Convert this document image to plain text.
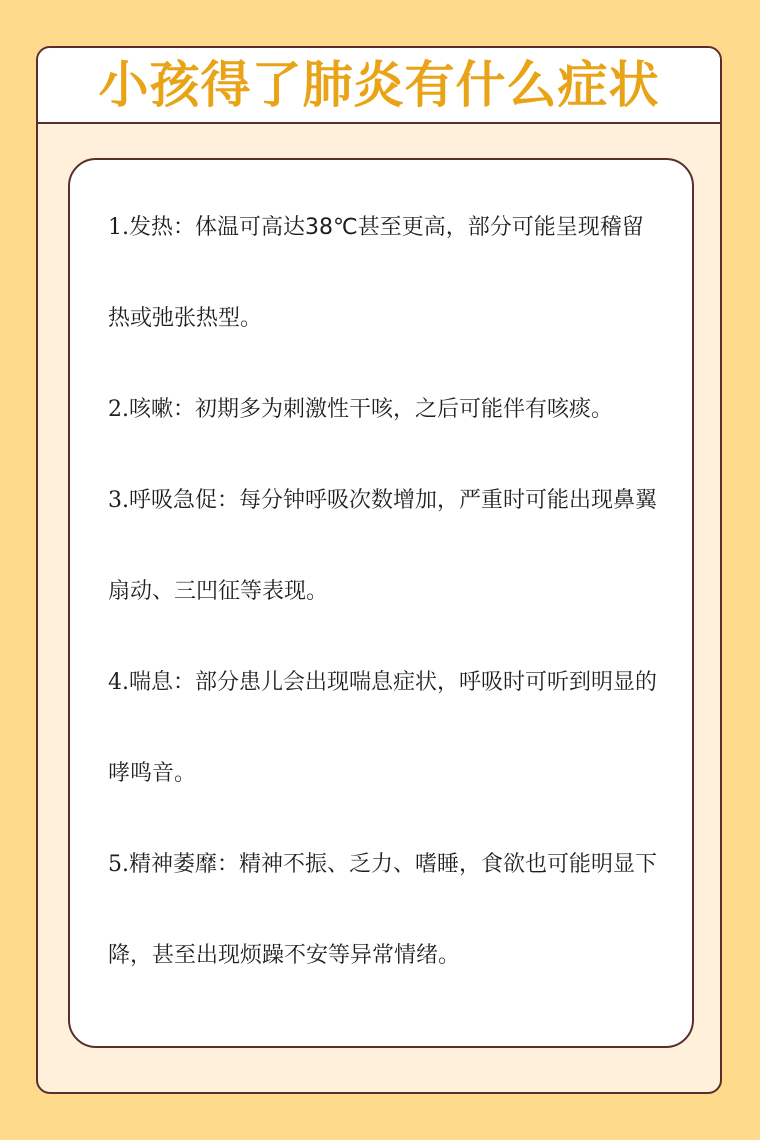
小孩得了肺炎有什么症状

1.发热：体温可高达38℃甚至更高，部分可能呈现稽留热或弛张热型。

2.咳嗽：初期多为刺激性干咳，之后可能伴有咳痰。

3.呼吸急促：每分钟呼吸次数增加，严重时可能出现鼻翼扇动、三凹征等表现。

4.喘息：部分患儿会出现喘息症状，呼吸时可听到明显的哮鸣音。

5.精神萎靡：精神不振、乏力、嗜睡，食欲也可能明显下降，甚至出现烦躁不安等异常情绪。
